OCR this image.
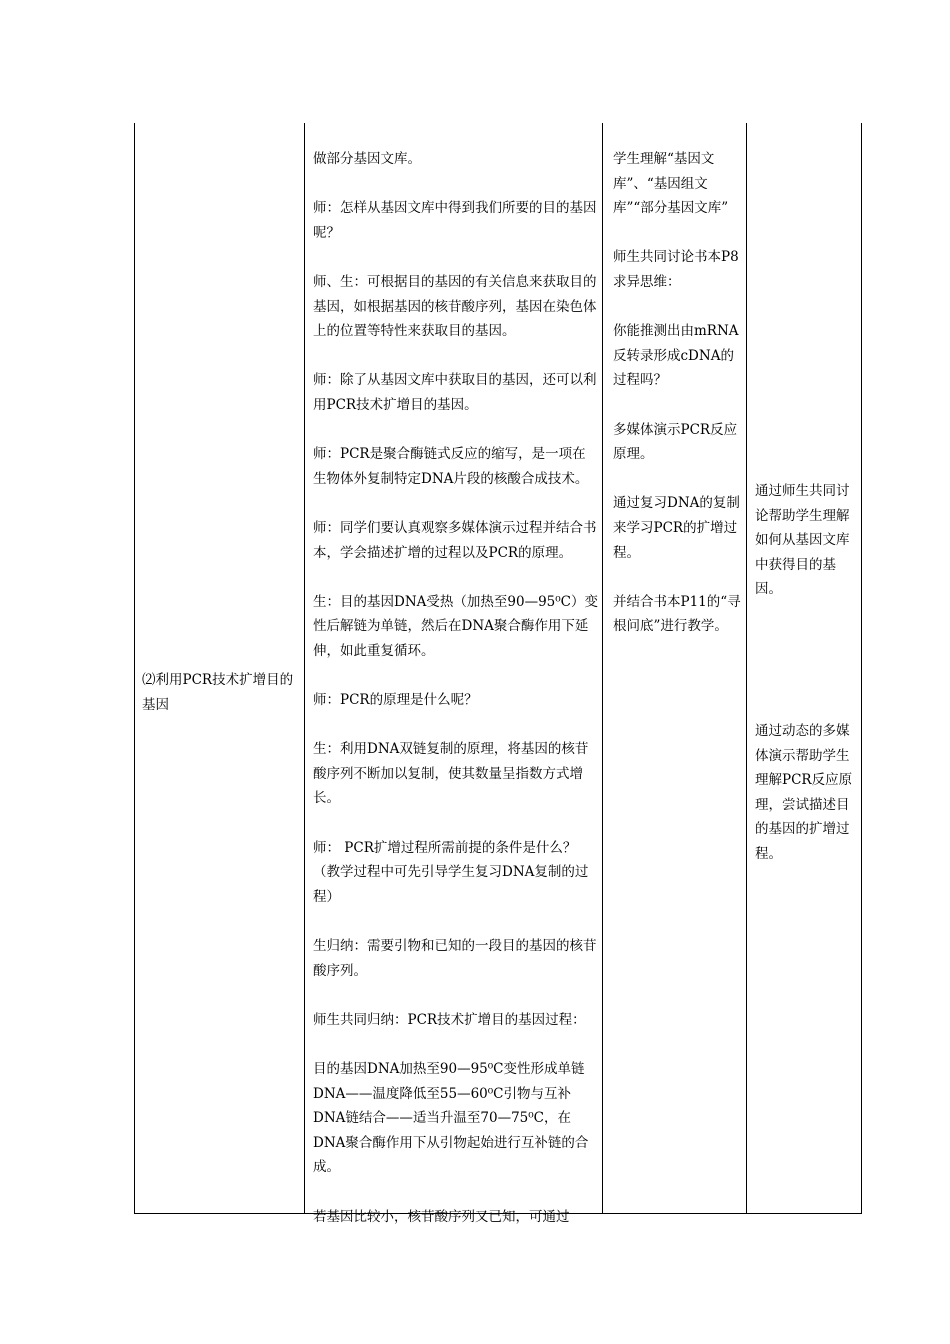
⑵利用PCR技术扩增目的基因

做部分基因文库。

师：怎样从基因文库中得到我们所要的目的基因呢？

师、生：可根据目的基因的有关信息来获取目的基因，如根据基因的核苷酸序列，基因在染色体上的位置等特性来获取目的基因。

师：除了从基因文库中获取目的基因，还可以利用PCR技术扩增目的基因。

师：PCR是聚合酶链式反应的缩写，是一项在生物体外复制特定DNA片段的核酸合成技术。

师：同学们要认真观察多媒体演示过程并结合书本，学会描述扩增的过程以及PCR的原理。

生：目的基因DNA受热（加热至90—95⁰C）变性后解链为单链，然后在DNA聚合酶作用下延伸，如此重复循环。

师：PCR的原理是什么呢？

生：利用DNA双链复制的原理，将基因的核苷酸序列不断加以复制，使其数量呈指数方式增长。

师： PCR扩增过程所需前提的条件是什么？（教学过程中可先引导学生复习DNA复制的过程）

生归纳：需要引物和已知的一段目的基因的核苷酸序列。

师生共同归纳：PCR技术扩增目的基因过程：

目的基因DNA加热至90—95⁰C变性形成单链DNA——温度降低至55—60⁰C引物与互补DNA链结合——适当升温至70—75⁰C，在DNA聚合酶作用下从引物起始进行互补链的合成。

若基因比较小，核苷酸序列又已知，可通过

学生理解“基因文库”、“基因组文库”“部分基因文库”

师生共同讨论书本P8求异思维：

你能推测出由mRNA反转录形成cDNA的过程吗？

多媒体演示PCR反应原理。

通过复习DNA的复制来学习PCR的扩增过程。

并结合书本P11的“寻根问底”进行教学。

通过师生共同讨论帮助学生理解如何从基因文库中获得目的基因。

通过动态的多媒体演示帮助学生理解PCR反应原理，尝试描述目的基因的扩增过程。
